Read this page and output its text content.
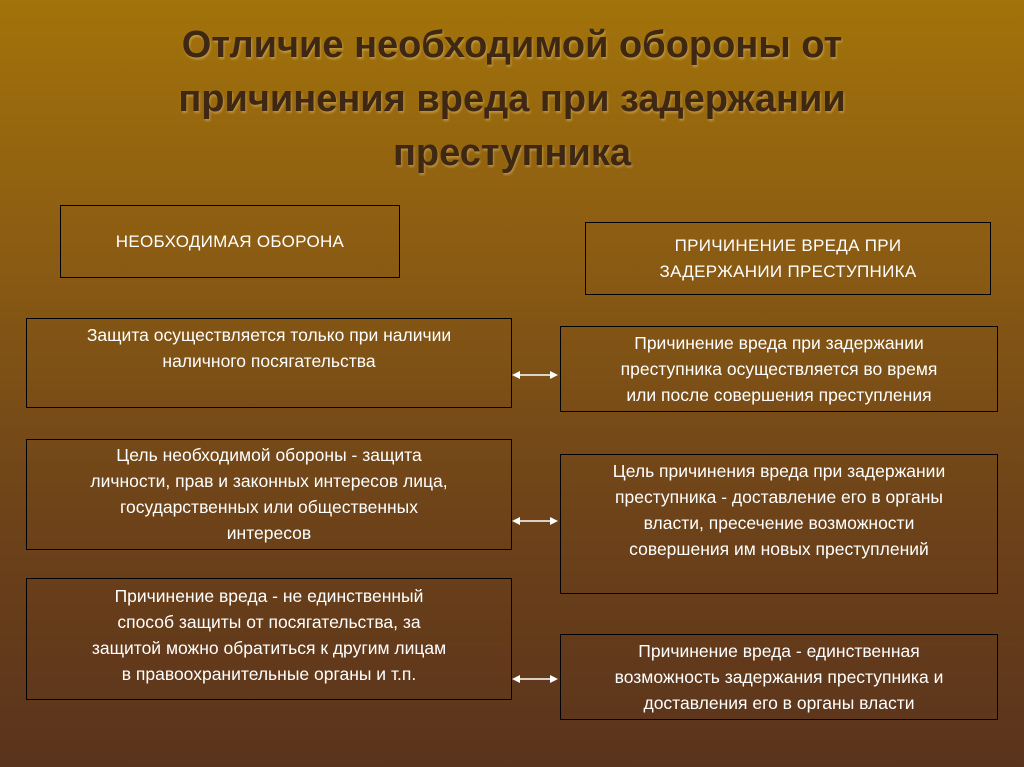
Отличие необходимой обороны от
причинения вреда при задержании
преступника
НЕОБХОДИМАЯ ОБОРОНА	ПРИЧИНЕНИЕ ВРЕДА ПРИ
ЗАДЕРЖАНИИ ПРЕСТУПНИКА
Защита осуществляется только при наличии
наличного посягательства
Причинение вреда при задержании
преступника осуществляется во время
или после совершения преступления
Цель необходимой обороны - защита
личности, прав и законных интересов лица,
государственных или общественных
интересов
Цель причинения вреда при задержании
преступника - доставление его в органы
власти, пресечение возможности
совершения им новых преступлений
Причинение вреда - не единственный
способ защиты от посягательства, за
защитой можно обратиться к другим лицам
в правоохранительные органы и т.п.
Причинение вреда - единственная
возможность задержания преступника и
доставления его в органы власти
